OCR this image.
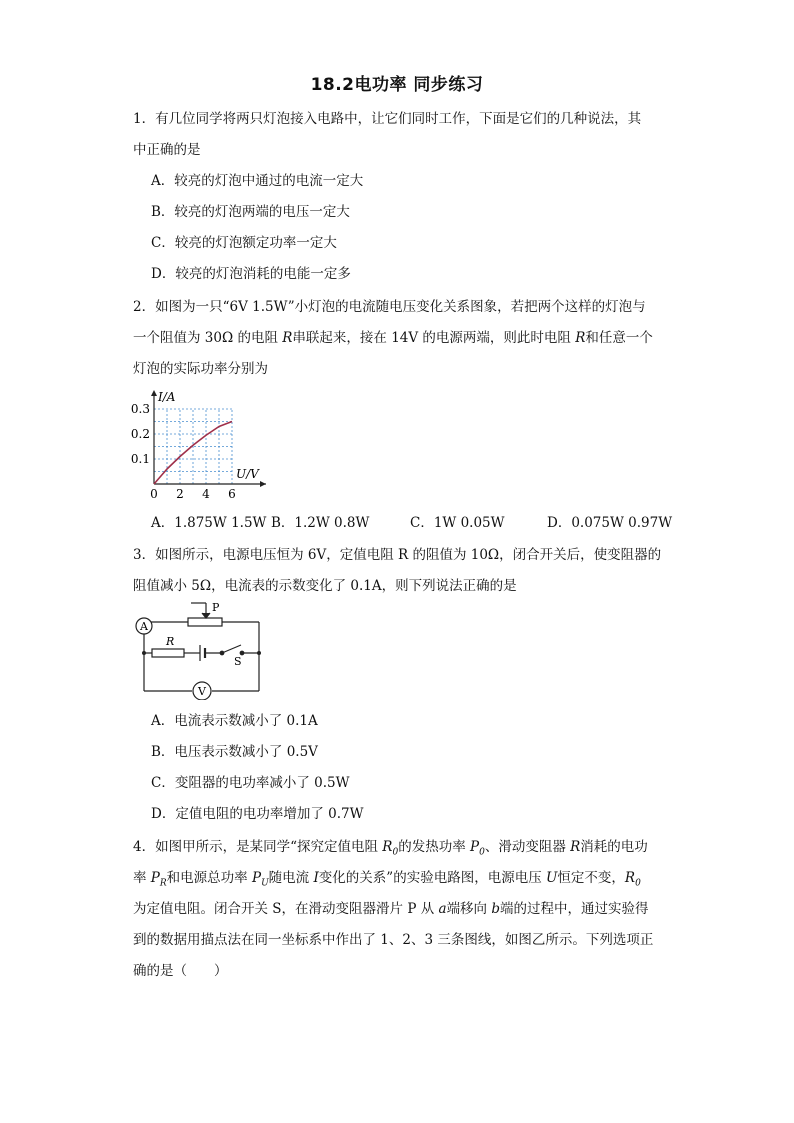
18.2电功率 同步练习
1．有几位同学将两只灯泡接入电路中，让它们同时工作，下面是它们的几种说法，其
中正确的是
A．较亮的灯泡中通过的电流一定大
B．较亮的灯泡两端的电压一定大
C．较亮的灯泡额定功率一定大
D．较亮的灯泡消耗的电能一定多
2．如图为一只“6V 1.5W”小灯泡的电流随电压变化关系图象，若把两个这样的灯泡与
一个阻值为 30Ω 的电阻 R串联起来，接在 14V 的电源两端，则此时电阻 R和任意一个
灯泡的实际功率分别为
0 2 4 6
0.1
0.2
0.3
I/A
U/V
A．1.875W 1.5W B．1.2W 0.8W	C．1W 0.05W	D．0.075W 0.97W
3．如图所示，电源电压恒为 6V，定值电阻 R 的阻值为 10Ω，闭合开关后，使变阻器的
阻值减小 5Ω，电流表的示数变化了 0.1A，则下列说法正确的是
A
V
P
R
S
A．电流表示数减小了 0.1A
B．电压表示数减小了 0.5V
C．变阻器的电功率减小了 0.5W
D．定值电阻的电功率增加了 0.7W
4．如图甲所示，是某同学“探究定值电阻 $R_0$的发热功率 $P_0$、滑动变阻器 R消耗的电功
率 $P_R$和电源总功率 $P_U$随电流 I变化的关系”的实验电路图，电源电压 U恒定不变，$R_0$
为定值电阻。闭合开关 S，在滑动变阻器滑片 P 从 a端移向 b端的过程中，通过实验得
到的数据用描点法在同一坐标系中作出了 1、2、3 三条图线，如图乙所示。下列选项正
确的是（　　）
